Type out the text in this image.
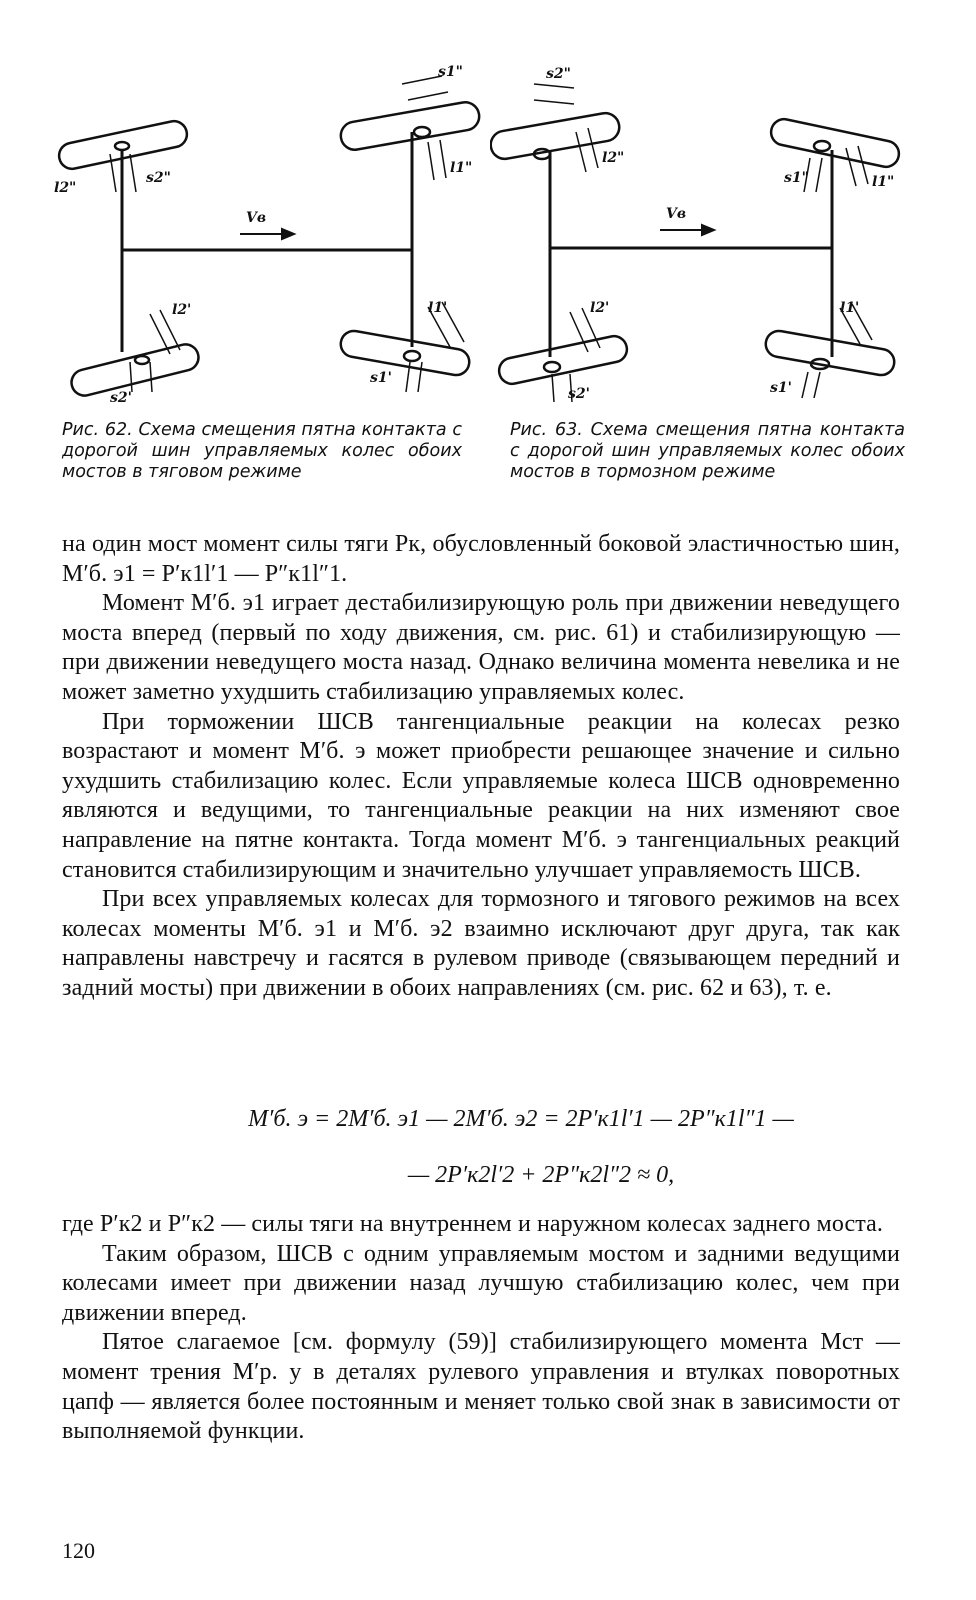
Vв
s1"
l1"
l2"
s2"
l2'
s2'
l1'
s1'
Vв
s2"
l2"
s1"	l1"
l2'
s2'
l1'
s1'
Рис. 62. Схема смещения пятна контакта с дорогой шин управляемых колес обоих мостов в тяговом режиме
Рис. 63. Схема смещения пятна контакта с дорогой шин управляемых колес обоих мостов в тормозном режиме

на один мост момент силы тяги Pк, обусловленный боковой эластичностью шин, M′б. э1 = P′к1l′1 — P″к1l″1.

Момент M′б. э1 играет дестабилизирующую роль при движении неведущего моста вперед (первый по ходу движения, см. рис. 61) и стабилизирующую — при движении неведущего моста назад. Однако величина момента невелика и не может заметно ухудшить стабилизацию управляемых колес.

При торможении ШСВ тангенциальные реакции на колесах резко возрастают и момент M′б. э может приобрести решающее значение и сильно ухудшить стабилизацию колес. Если управляемые колеса ШСВ одновременно являются и ведущими, то тангенциальные реакции на них изменяют свое направление на пятне контакта. Тогда момент M′б. э тангенциальных реакций становится стабилизирующим и значительно улучшает управляемость ШСВ.

При всех управляемых колесах для тормозного и тягового режимов на всех колесах моменты M′б. э1 и M′б. э2 взаимно исключают друг друга, так как направлены навстречу и гасятся в рулевом приводе (связывающем передний и задний мосты) при движении в обоих направлениях (см. рис. 62 и 63), т. е.

M′б. э = 2M′б. э1 — 2M′б. э2 = 2P′к1l′1 — 2P″к1l″1 —
— 2P′к2l′2 + 2P″к2l″2 ≈ 0,

где P′к2 и P″к2 — силы тяги на внутреннем и наружном колесах заднего моста.

Таким образом, ШСВ с одним управляемым мостом и задними ведущими колесами имеет при движении назад лучшую стабилизацию колес, чем при движении вперед.

Пятое слагаемое [см. формулу (59)] стабилизирующего момента Mст — момент трения M′р. у в деталях рулевого управления и втулках поворотных цапф — является более постоянным и меняет только свой знак в зависимости от выполняемой функции.

120
